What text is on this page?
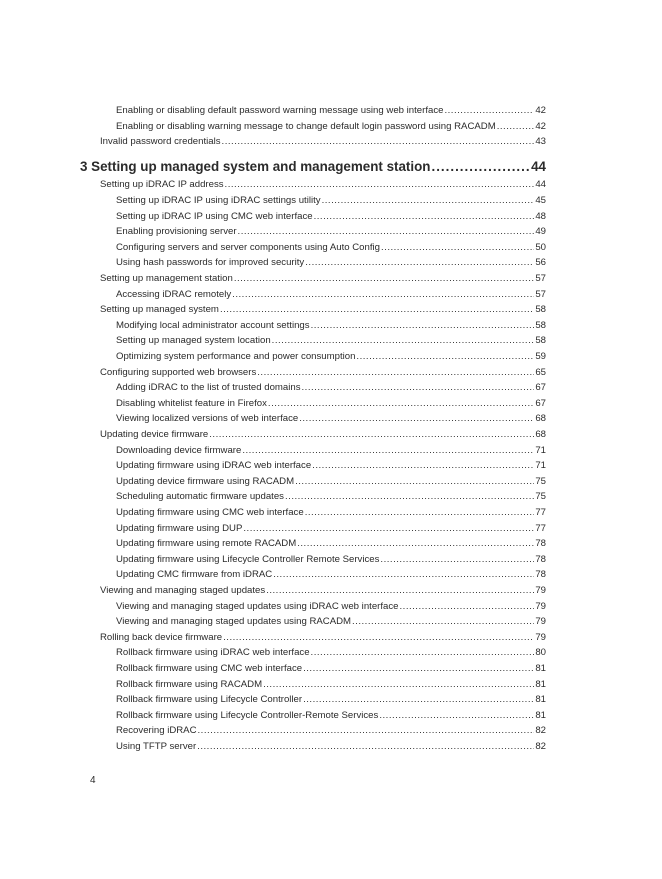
Enabling or disabling default password warning message using web interface .....	42
Enabling or disabling warning message to change default login password using RACADM .....	42
Invalid password credentials .....	43
3 Setting up managed system and management station .....	44
Setting up iDRAC IP address .....	44
Setting up iDRAC IP using iDRAC settings utility .....	45
Setting up iDRAC IP using CMC web interface .....	48
Enabling provisioning server .....	49
Configuring servers and server components using Auto Config .....	50
Using hash passwords for improved security .....	56
Setting up management station .....	57
Accessing iDRAC remotely .....	57
Setting up managed system .....	58
Modifying local administrator account settings .....	58
Setting up managed system location .....	58
Optimizing system performance and power consumption .....	59
Configuring supported web browsers .....	65
Adding iDRAC to the list of trusted domains .....	67
Disabling whitelist feature in Firefox .....	67
Viewing localized versions of web interface .....	68
Updating device firmware .....	68
Downloading device firmware .....	71
Updating firmware using iDRAC web interface .....	71
Updating device firmware using RACADM .....	75
Scheduling automatic firmware updates .....	75
Updating firmware using CMC web interface .....	77
Updating firmware using DUP .....	77
Updating firmware using remote RACADM .....	78
Updating firmware using Lifecycle Controller Remote Services .....	78
Updating CMC firmware from iDRAC .....	78
Viewing and managing staged updates .....	79
Viewing and managing staged updates using iDRAC web interface .....	79
Viewing and managing staged updates using RACADM .....	79
Rolling back device firmware .....	79
Rollback firmware using iDRAC web interface .....	80
Rollback firmware using CMC web interface .....	81
Rollback firmware using RACADM .....	81
Rollback firmware using Lifecycle Controller .....	81
Rollback firmware using Lifecycle Controller-Remote Services .....	81
Recovering iDRAC .....	82
Using TFTP server .....	82
4
